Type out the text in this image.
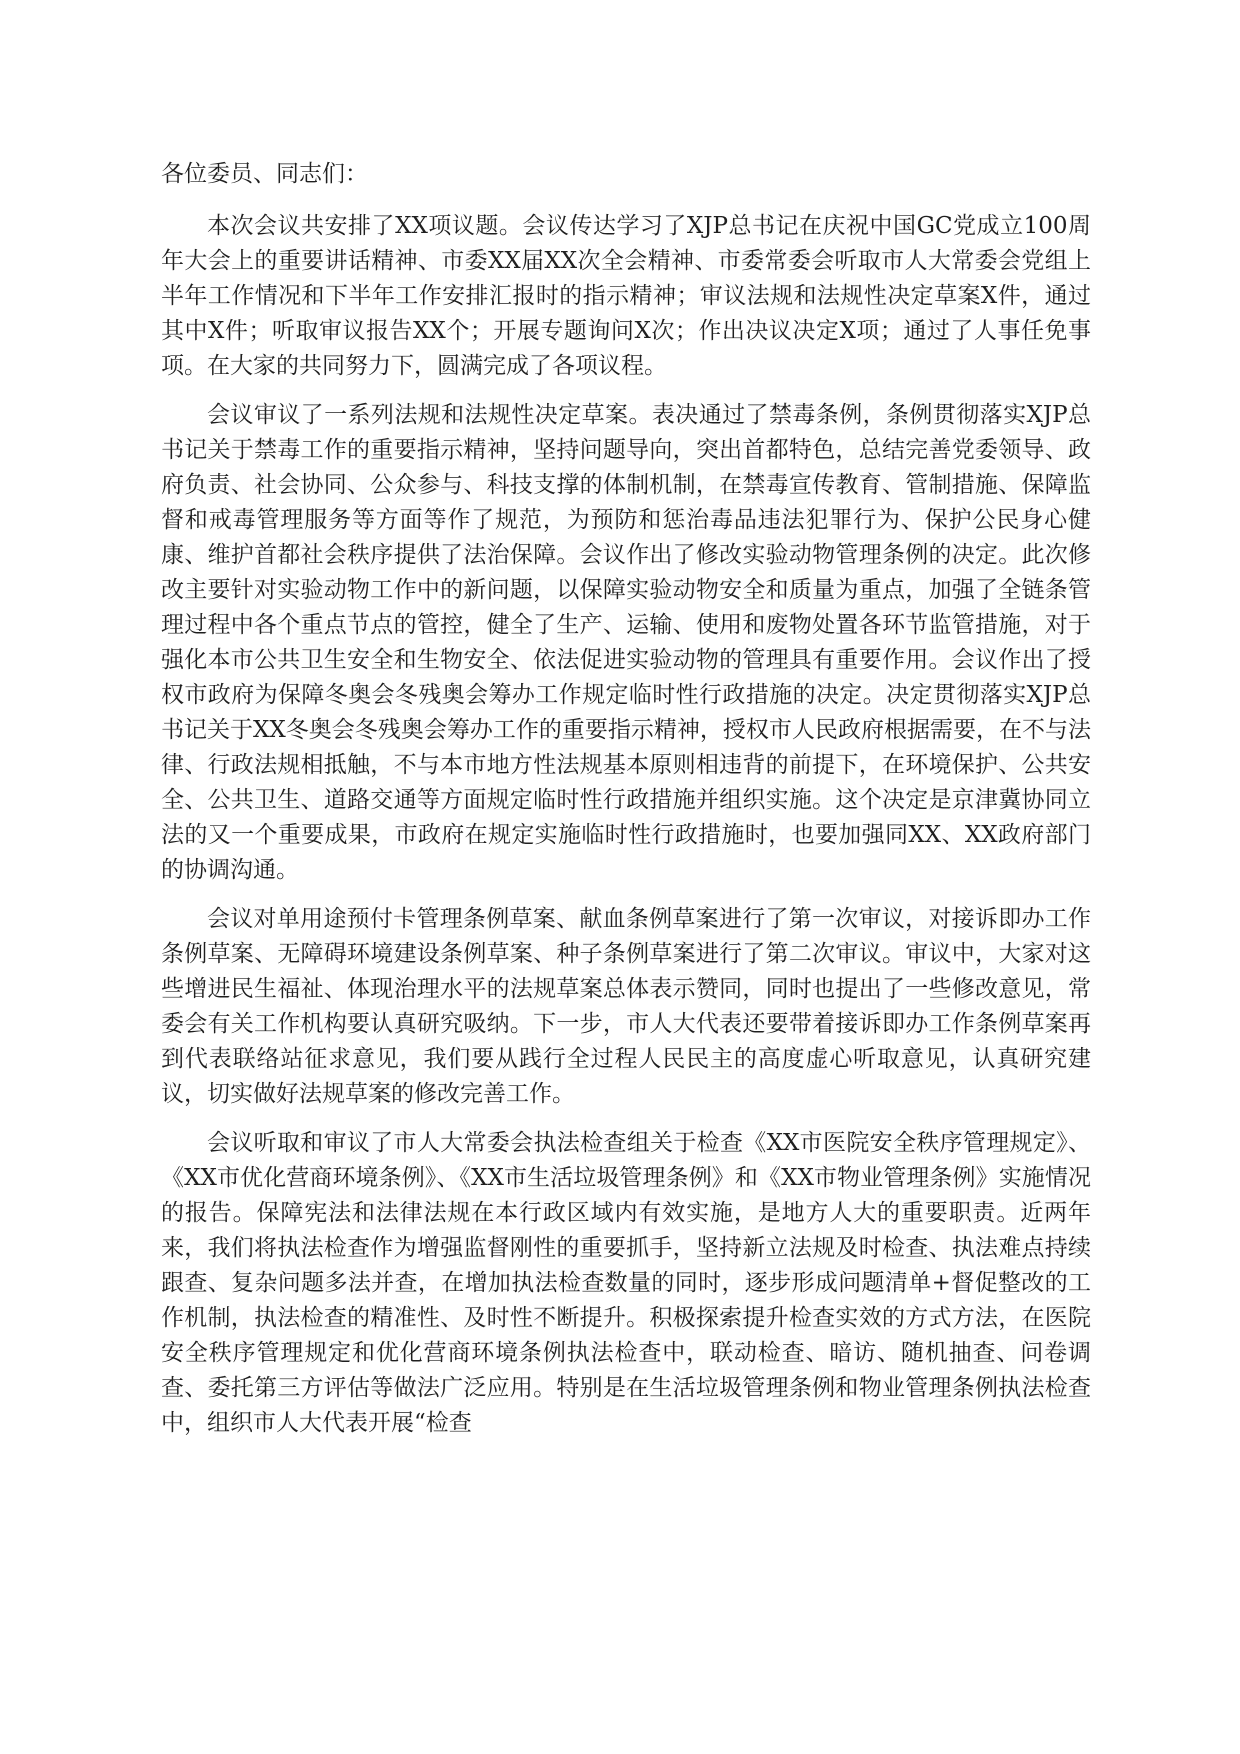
各位委员、同志们：

本次会议共安排了XX项议题。会议传达学习了XJP总书记在庆祝中国GC党成立100周年大会上的重要讲话精神、市委XX届XX次全会精神、市委常委会听取市人大常委会党组上半年工作情况和下半年工作安排汇报时的指示精神；审议法规和法规性决定草案X件，通过其中X件；听取审议报告XX个；开展专题询问X次；作出决议决定X项；通过了人事任免事项。在大家的共同努力下，圆满完成了各项议程。

会议审议了一系列法规和法规性决定草案。表决通过了禁毒条例，条例贯彻落实XJP总书记关于禁毒工作的重要指示精神，坚持问题导向，突出首都特色，总结完善党委领导、政府负责、社会协同、公众参与、科技支撑的体制机制，在禁毒宣传教育、管制措施、保障监督和戒毒管理服务等方面等作了规范，为预防和惩治毒品违法犯罪行为、保护公民身心健康、维护首都社会秩序提供了法治保障。会议作出了修改实验动物管理条例的决定。此次修改主要针对实验动物工作中的新问题，以保障实验动物安全和质量为重点，加强了全链条管理过程中各个重点节点的管控，健全了生产、运输、使用和废物处置各环节监管措施，对于强化本市公共卫生安全和生物安全、依法促进实验动物的管理具有重要作用。会议作出了授权市政府为保障冬奥会冬残奥会筹办工作规定临时性行政措施的决定。决定贯彻落实XJP总书记关于XX冬奥会冬残奥会筹办工作的重要指示精神，授权市人民政府根据需要，在不与法律、行政法规相抵触，不与本市地方性法规基本原则相违背的前提下，在环境保护、公共安全、公共卫生、道路交通等方面规定临时性行政措施并组织实施。这个决定是京津冀协同立法的又一个重要成果，市政府在规定实施临时性行政措施时，也要加强同XX、XX政府部门的协调沟通。

会议对单用途预付卡管理条例草案、献血条例草案进行了第一次审议，对接诉即办工作条例草案、无障碍环境建设条例草案、种子条例草案进行了第二次审议。审议中，大家对这些增进民生福祉、体现治理水平的法规草案总体表示赞同，同时也提出了一些修改意见，常委会有关工作机构要认真研究吸纳。下一步，市人大代表还要带着接诉即办工作条例草案再到代表联络站征求意见，我们要从践行全过程人民民主的高度虚心听取意见，认真研究建议，切实做好法规草案的修改完善工作。

会议听取和审议了市人大常委会执法检查组关于检查《XX市医院安全秩序管理规定》、《XX市优化营商环境条例》、《XX市生活垃圾管理条例》和《XX市物业管理条例》实施情况的报告。保障宪法和法律法规在本行政区域内有效实施，是地方人大的重要职责。近两年来，我们将执法检查作为增强监督刚性的重要抓手，坚持新立法规及时检查、执法难点持续跟查、复杂问题多法并查，在增加执法检查数量的同时，逐步形成问题清单+督促整改的工作机制，执法检查的精准性、及时性不断提升。积极探索提升检查实效的方式方法，在医院安全秩序管理规定和优化营商环境条例执法检查中，联动检查、暗访、随机抽查、问卷调查、委托第三方评估等做法广泛应用。特别是在生活垃圾管理条例和物业管理条例执法检查中，组织市人大代表开展“检查
